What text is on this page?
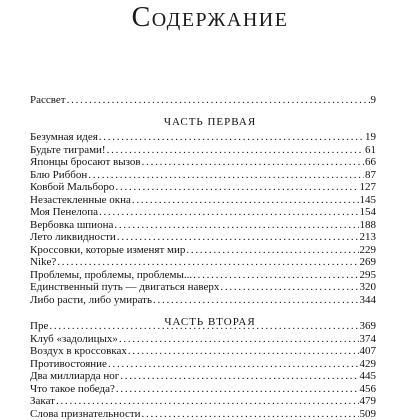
Содержание
Рассвет . . .	9
ЧАСТЬ ПЕРВАЯ
Безумная идея . . .	19
Будьте тиграми! . . .	61
Японцы бросают вызов . . .	66
Блю Риббон . . .	87
Ковбой Мальборо . . .	127
Незастекленные окна . . .	145
Моя Пенелопа . . .	154
Вербовка шпиона . . .	188
Лето ликвидности . . .	213
Кроссовки, которые изменят мир . . .	229
Nike? . . .	269
Проблемы, проблемы, проблемы... . . .	295
Единственный путь — двигаться наверх . . .	320
Либо расти, либо умирать . . .	344
ЧАСТЬ ВТОРАЯ
Пре . . .	369
Клуб «задолицых» . . .	374
Воздух в кроссовках . . .	407
Противостояние . . .	429
Два миллиарда ног . . .	445
Что такое победа? . . .	456
Закат . . .	479
Слова признательности . . .	509
